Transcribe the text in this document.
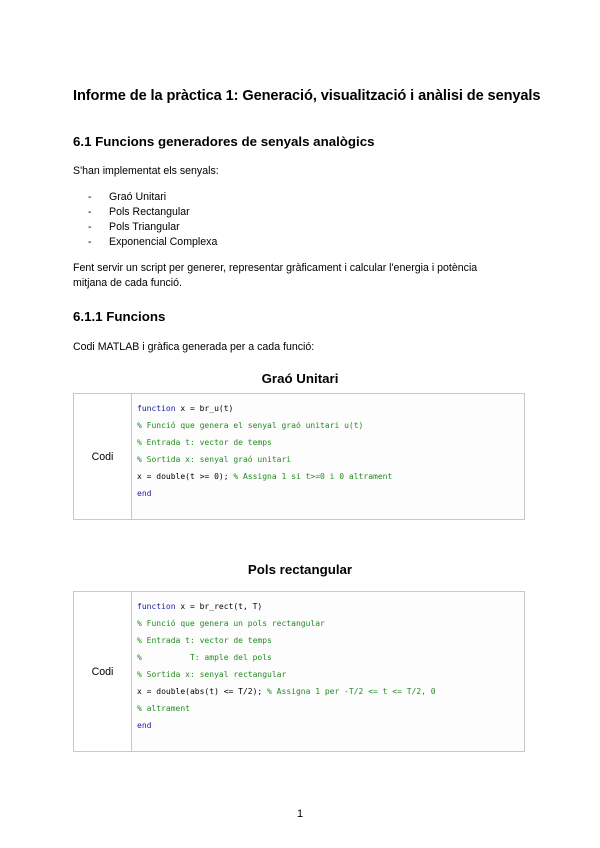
Informe de la pràctica 1: Generació, visualització i anàlisi de senyals
6.1 Funcions generadores de senyals analògics
S'han implementat els senyals:
- Graó Unitari
- Pols Rectangular
- Pols Triangular
- Exponencial Complexa
Fent servir un script per generer, representar gràficament i calcular l'energia i potència
mitjana de cada funció.
6.1.1 Funcions
Codi MATLAB i gràfica generada per a cada funció:
Graó Unitari
Codi
function x = br_u(t)
% Funció que genera el senyal graó unitari u(t)
% Entrada t: vector de temps
% Sortida x: senyal graó unitari
x = double(t >= 0); % Assigna 1 si t>=0 i 0 altrament
end
Pols rectangular
Codi
function x = br_rect(t, T)
% Funció que genera un pols rectangular
% Entrada t: vector de temps
%          T: ample del pols
% Sortida x: senyal rectangular
x = double(abs(t) <= T/2); % Assigna 1 per -T/2 <= t <= T/2, 0
% altrament
end
1
